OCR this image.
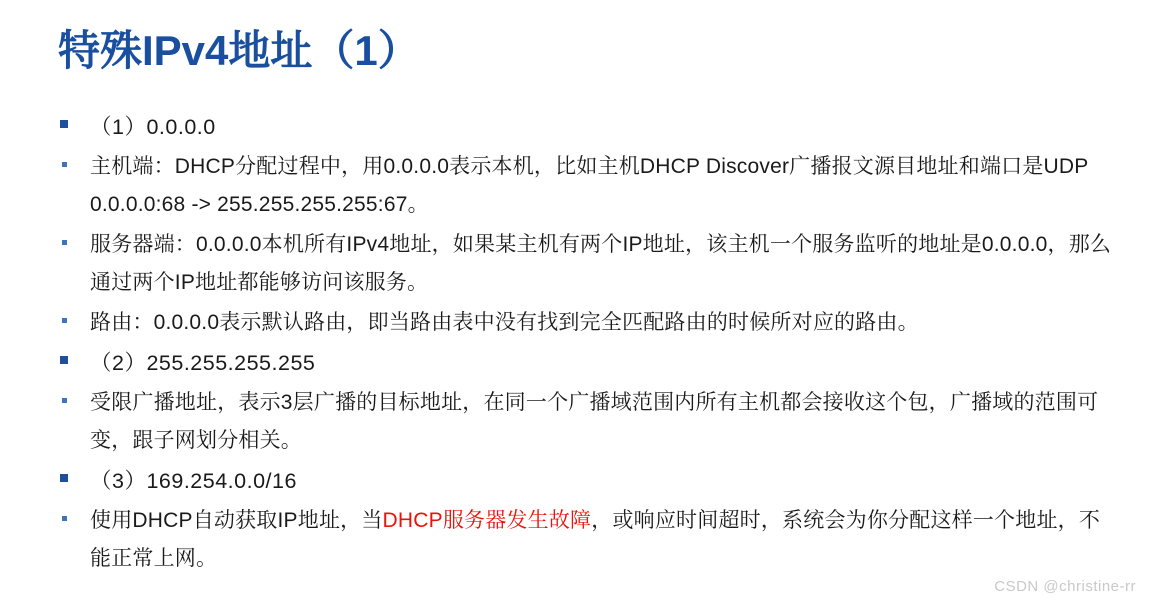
特殊IPv4地址（1）
（1）0.0.0.0
主机端：DHCP分配过程中，用0.0.0.0表示本机，比如主机DHCP Discover广播报文源目地址和端口是UDP 0.0.0.0:68 -> 255.255.255.255:67。
服务器端：0.0.0.0本机所有IPv4地址，如果某主机有两个IP地址，该主机一个服务监听的地址是0.0.0.0，那么通过两个IP地址都能够访问该服务。
路由：0.0.0.0表示默认路由，即当路由表中没有找到完全匹配路由的时候所对应的路由。
（2）255.255.255.255
受限广播地址，表示3层广播的目标地址，在同一个广播域范围内所有主机都会接收这个包，广播域的范围可变，跟子网划分相关。
（3）169.254.0.0/16
使用DHCP自动获取IP地址，当DHCP服务器发生故障，或响应时间超时，系统会为你分配这样一个地址，不能正常上网。
CSDN @christine-rr
